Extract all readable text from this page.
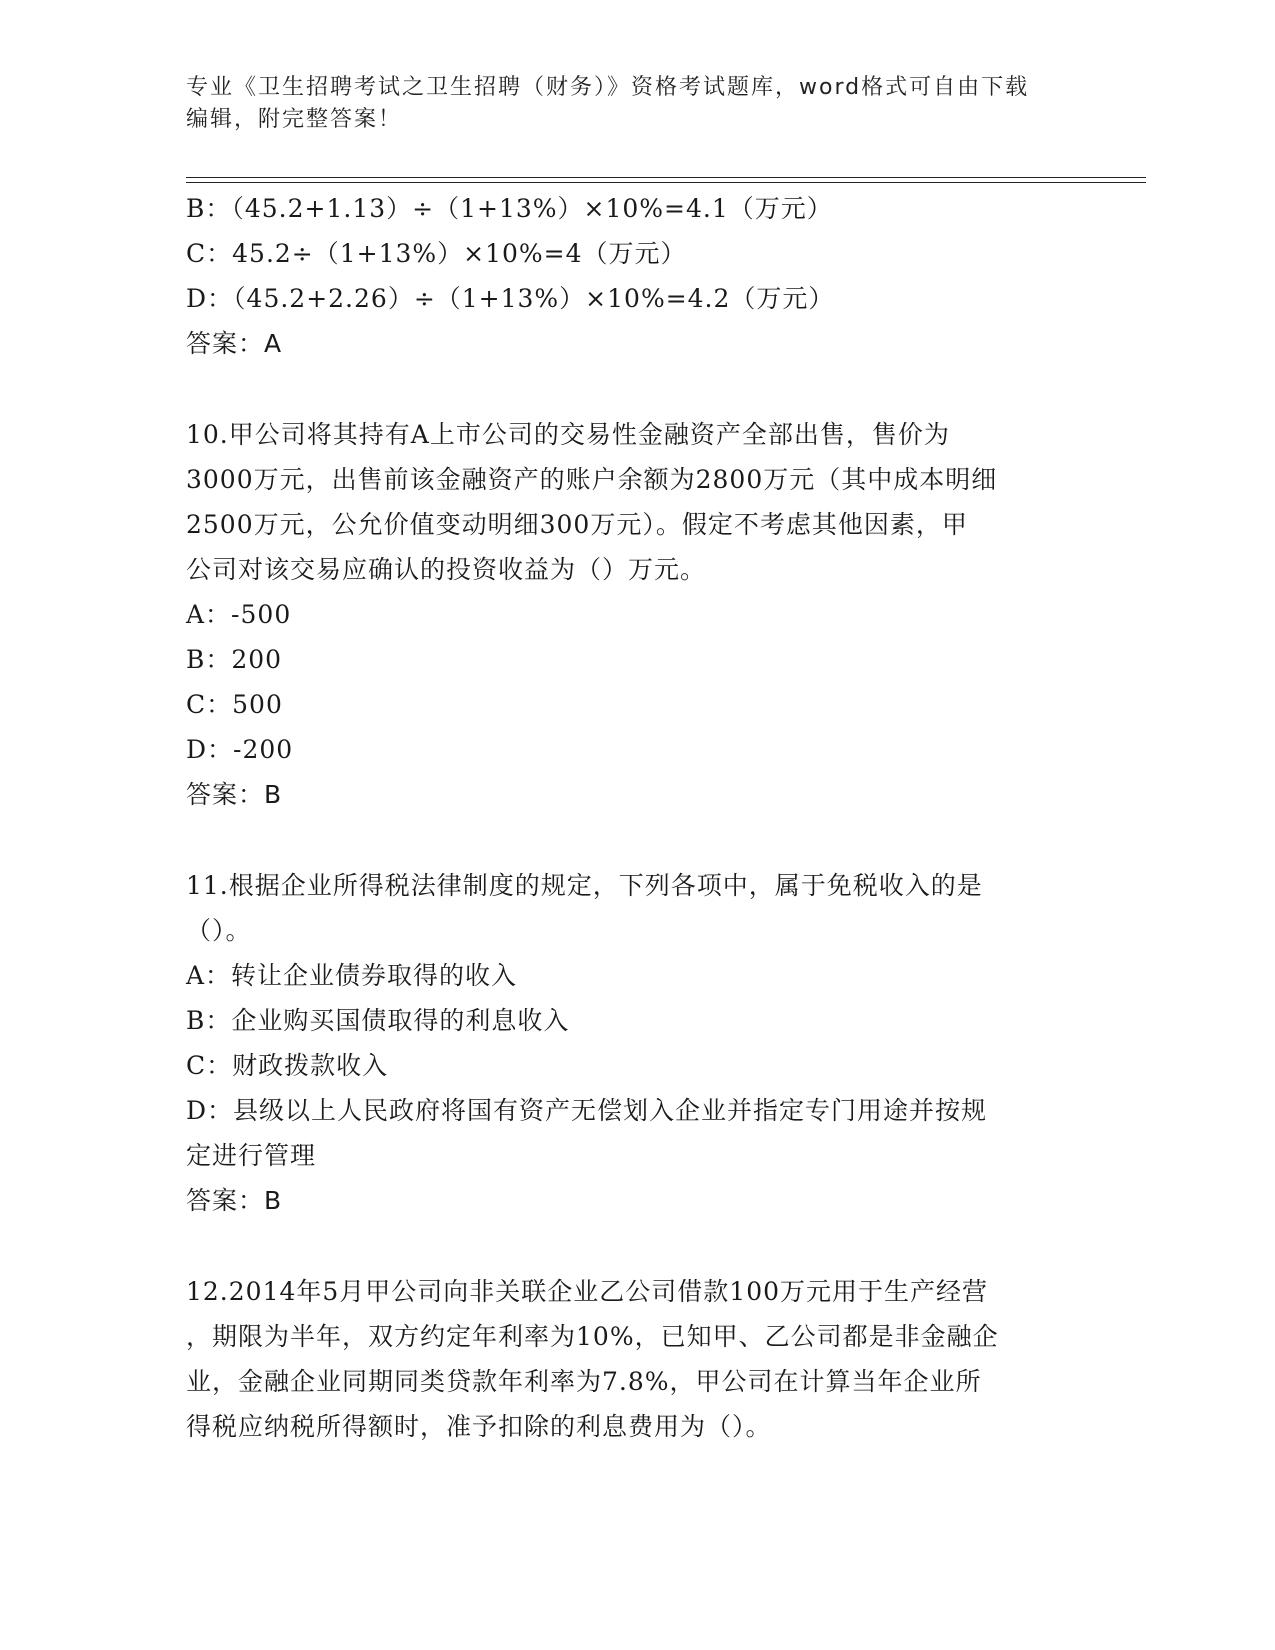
专业《卫生招聘考试之卫生招聘（财务）》资格考试题库，word格式可自由下载
编辑，附完整答案！
B：（45.2+1.13）÷（1+13%）×10%=4.1（万元）
C：45.2÷（1+13%）×10%=4（万元）
D：（45.2+2.26）÷（1+13%）×10%=4.2（万元）
答案：A
10.甲公司将其持有A上市公司的交易性金融资产全部出售，售价为
3000万元，出售前该金融资产的账户余额为2800万元（其中成本明细
2500万元，公允价值变动明细300万元）。假定不考虑其他因素，甲
公司对该交易应确认的投资收益为（）万元。
A：-500
B：200
C：500
D：-200
答案：B
11.根据企业所得税法律制度的规定，下列各项中，属于免税收入的是
（）。
A：转让企业债券取得的收入
B：企业购买国债取得的利息收入
C：财政拨款收入
D：县级以上人民政府将国有资产无偿划入企业并指定专门用途并按规
定进行管理
答案：B
12.2014年5月甲公司向非关联企业乙公司借款100万元用于生产经营
，期限为半年，双方约定年利率为10%，已知甲、乙公司都是非金融企
业，金融企业同期同类贷款年利率为7.8%，甲公司在计算当年企业所
得税应纳税所得额时，准予扣除的利息费用为（）。
